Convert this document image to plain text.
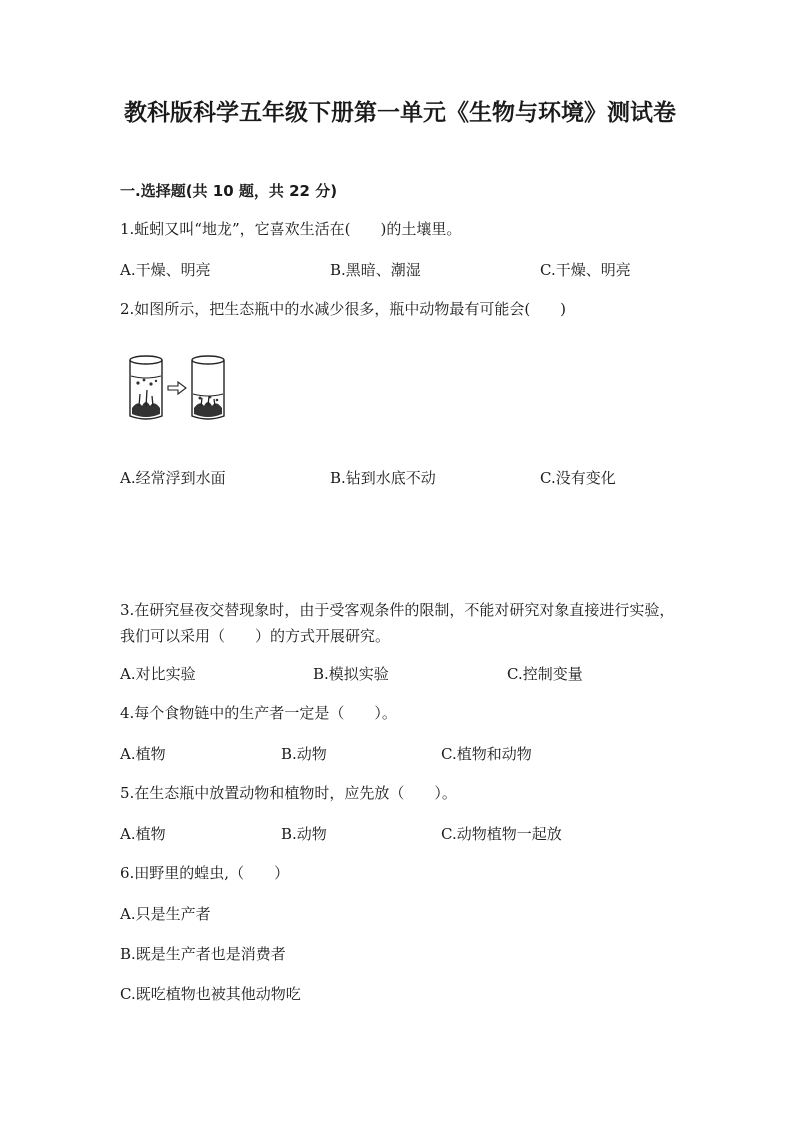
教科版科学五年级下册第一单元《生物与环境》测试卷
一.选择题(共 10 题，共 22 分)
1.蚯蚓又叫“地龙”，它喜欢生活在(　　)的土壤里。
A.干燥、明亮	B.黑暗、潮湿	C.干燥、明亮
2.如图所示，把生态瓶中的水减少很多，瓶中动物最有可能会(　　)
A.经常浮到水面	B.钻到水底不动	C.没有变化
3.在研究昼夜交替现象时，由于受客观条件的限制，不能对研究对象直接进行实验，我们可以采用（　　）的方式开展研究。
A.对比实验	B.模拟实验	C.控制变量
4.每个食物链中的生产者一定是（　　）。
A.植物	B.动物	C.植物和动物
5.在生态瓶中放置动物和植物时，应先放（　　）。
A.植物	B.动物	C.动物植物一起放
6.田野里的蝗虫,（　　）
A.只是生产者
B.既是生产者也是消费者
C.既吃植物也被其他动物吃
